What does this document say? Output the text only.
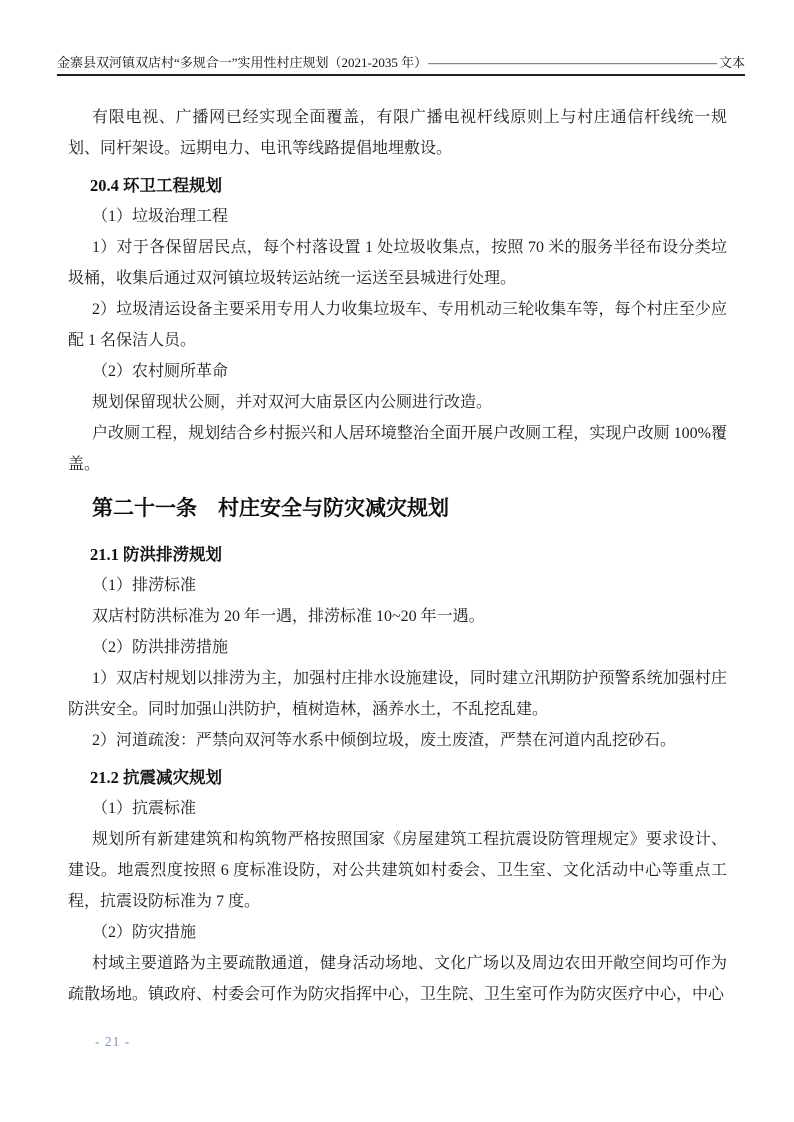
金寨县双河镇双店村“多规合一”实用性村庄规划（2021-2035 年） ———————————————————————— 文本

有限电视、广播网已经实现全面覆盖，有限广播电视杆线原则上与村庄通信杆线统一规划、同杆架设。远期电力、电讯等线路提倡地埋敷设。

20.4 环卫工程规划

（1）垃圾治理工程

1）对于各保留居民点，每个村落设置 1 处垃圾收集点，按照 70 米的服务半径布设分类垃圾桶，收集后通过双河镇垃圾转运站统一运送至县城进行处理。

2）垃圾清运设备主要采用专用人力收集垃圾车、专用机动三轮收集车等，每个村庄至少应配 1 名保洁人员。

（2）农村厕所革命

规划保留现状公厕，并对双河大庙景区内公厕进行改造。

户改厕工程，规划结合乡村振兴和人居环境整治全面开展户改厕工程，实现户改厕 100%覆盖。

第二十一条　村庄安全与防灾减灾规划
21.1 防洪排涝规划

（1）排涝标准

双店村防洪标准为 20 年一遇，排涝标准 10~20 年一遇。

（2）防洪排涝措施

1）双店村规划以排涝为主，加强村庄排水设施建设，同时建立汛期防护预警系统加强村庄防洪安全。同时加强山洪防护，植树造林，涵养水土，不乱挖乱建。

2）河道疏浚：严禁向双河等水系中倾倒垃圾，废土废渣，严禁在河道内乱挖砂石。

21.2 抗震减灾规划

（1）抗震标准

规划所有新建建筑和构筑物严格按照国家《房屋建筑工程抗震设防管理规定》要求设计、建设。地震烈度按照 6 度标准设防，对公共建筑如村委会、卫生室、文化活动中心等重点工程，抗震设防标准为 7 度。

（2）防灾措施

村域主要道路为主要疏散通道，健身活动场地、文化广场以及周边农田开敞空间均可作为疏散场地。镇政府、村委会可作为防灾指挥中心，卫生院、卫生室可作为防灾医疗中心，中心

- 21 -
